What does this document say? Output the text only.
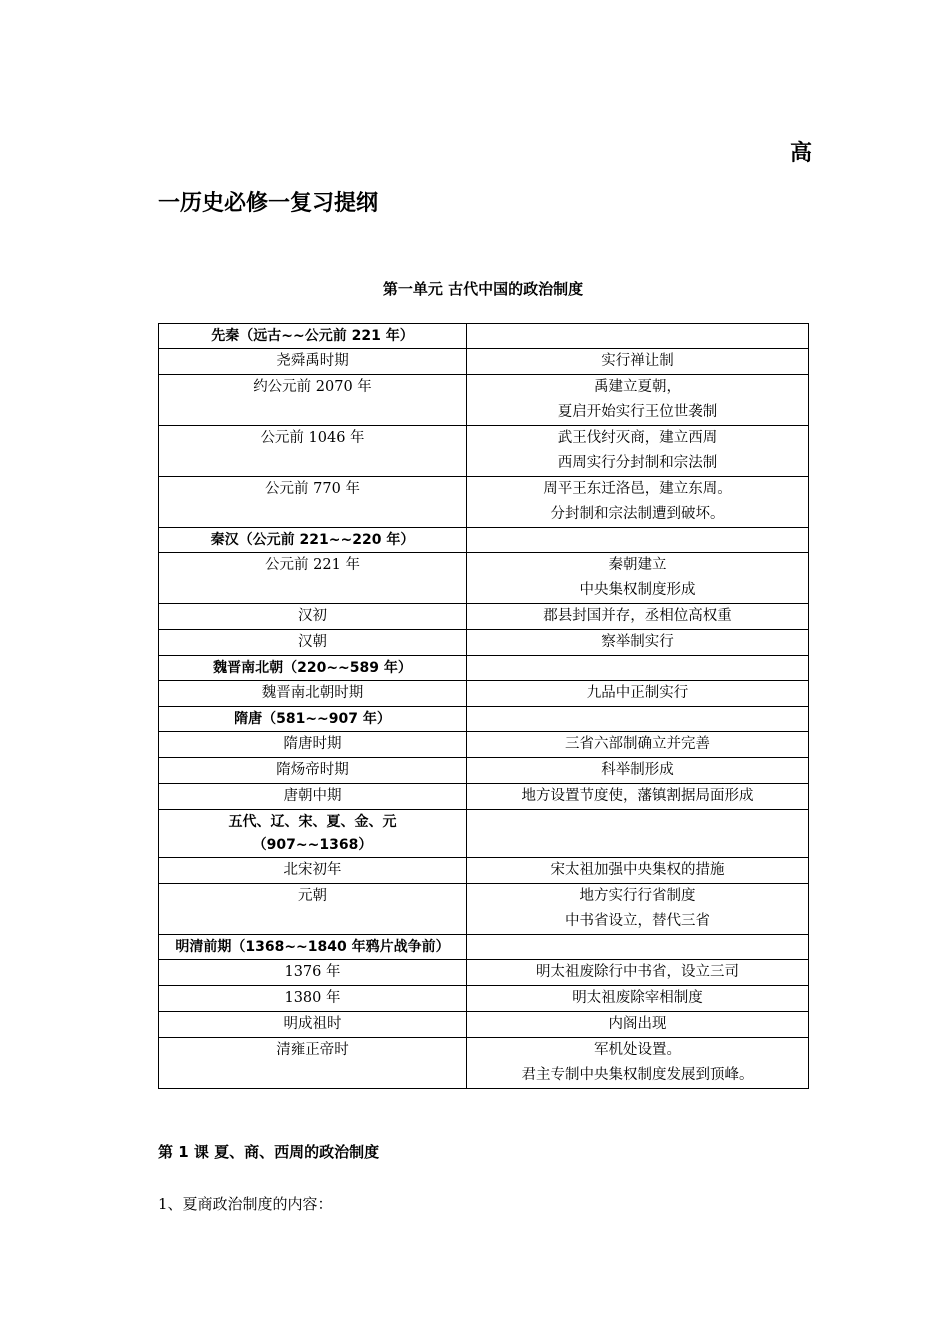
高
一历史必修一复习提纲
第一单元 古代中国的政治制度
先秦（远古~~公元前 221 年）	
尧舜禹时期	实行禅让制
约公元前 2070 年	禹建立夏朝，
夏启开始实行王位世袭制
公元前 1046 年	武王伐纣灭商，建立西周
西周实行分封制和宗法制
公元前 770 年	周平王东迁洛邑，建立东周。
分封制和宗法制遭到破坏。
秦汉（公元前 221~~220 年）	
公元前 221 年	秦朝建立
中央集权制度形成
汉初	郡县封国并存，丞相位高权重
汉朝	察举制实行
魏晋南北朝（220~~589 年）	
魏晋南北朝时期	九品中正制实行
隋唐（581~~907 年）	
隋唐时期	三省六部制确立并完善
隋炀帝时期	科举制形成
唐朝中期	地方设置节度使，藩镇割据局面形成
五代、辽、宋、夏、金、元
（907~~1368）	
北宋初年	宋太祖加强中央集权的措施
元朝	地方实行行省制度
中书省设立，替代三省
明清前期（1368~~1840 年鸦片战争前）	
1376 年	明太祖废除行中书省，设立三司
1380 年	明太祖废除宰相制度
明成祖时	内阁出现
清雍正帝时	军机处设置。
君主专制中央集权制度发展到顶峰。
第 1 课 夏、商、西周的政治制度
1、夏商政治制度的内容：
